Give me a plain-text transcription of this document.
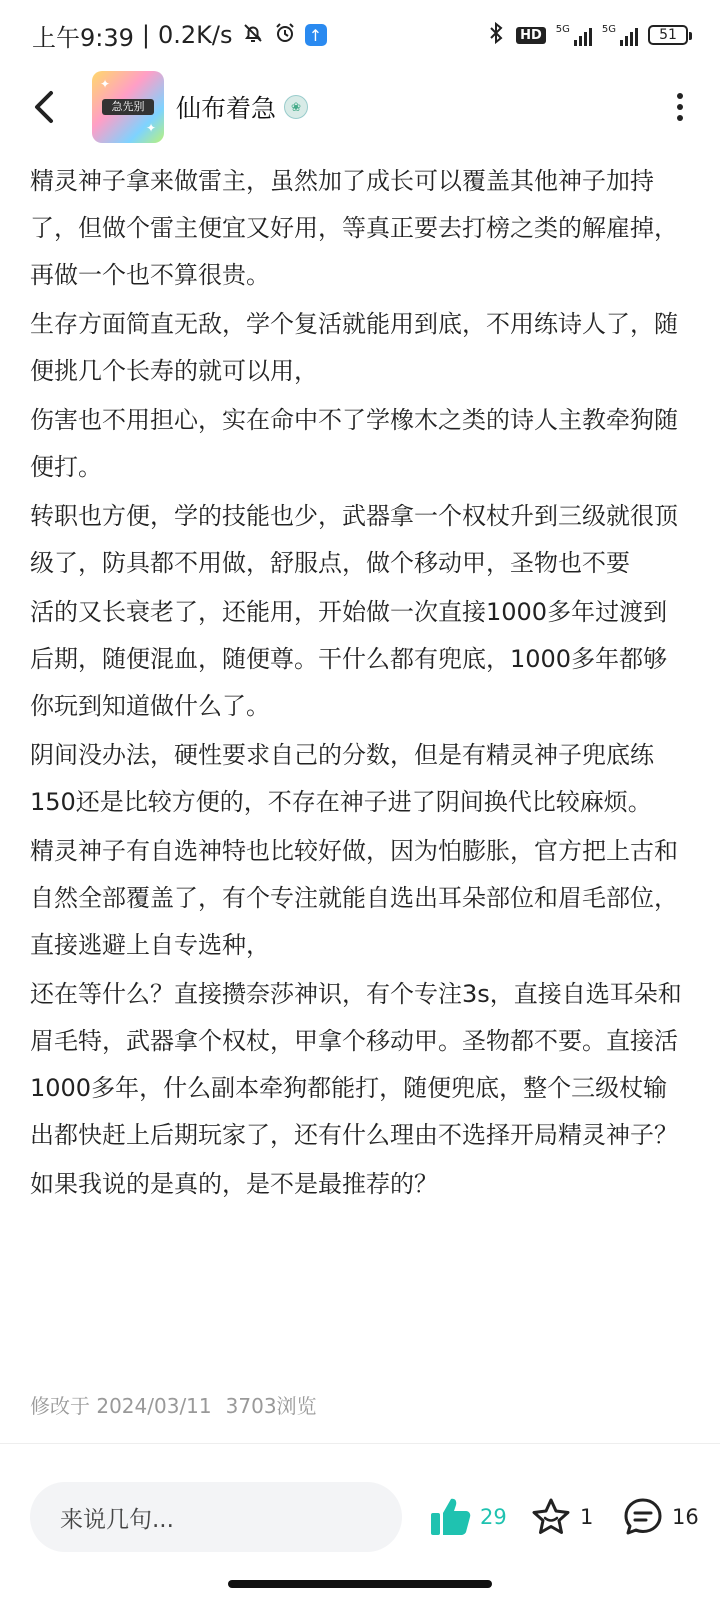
上午9:39 | 0.2K/s	↑	HD	5G	5G	51
✦
✦
急先别	仙布着急	❀

精灵神子拿来做雷主，虽然加了成长可以覆盖其他神子加持了，但做个雷主便宜又好用，等真正要去打榜之类的解雇掉，再做一个也不算很贵。

生存方面简直无敌，学个复活就能用到底，不用练诗人了，随便挑几个长寿的就可以用，

伤害也不用担心，实在命中不了学橡木之类的诗人主教牵狗随便打。

转职也方便，学的技能也少，武器拿一个权杖升到三级就很顶级了，防具都不用做，舒服点，做个移动甲，圣物也不要

活的又长衰老了，还能用，开始做一次直接1000多年过渡到后期，随便混血，随便尊。干什么都有兜底，1000多年都够你玩到知道做什么了。

阴间没办法，硬性要求自己的分数，但是有精灵神子兜底练150还是比较方便的，不存在神子进了阴间换代比较麻烦。

精灵神子有自选神特也比较好做，因为怕膨胀，官方把上古和自然全部覆盖了，有个专注就能自选出耳朵部位和眉毛部位，直接逃避上自专选种，

还在等什么？直接攒奈莎神识，有个专注3s，直接自选耳朵和眉毛特，武器拿个权杖，甲拿个移动甲。圣物都不要。直接活1000多年，什么副本牵狗都能打，随便兜底，整个三级杖输出都快赶上后期玩家了，还有什么理由不选择开局精灵神子？

如果我说的是真的，是不是最推荐的？

修改于 2024/03/11 3703浏览
来说几句...	29	1	16
